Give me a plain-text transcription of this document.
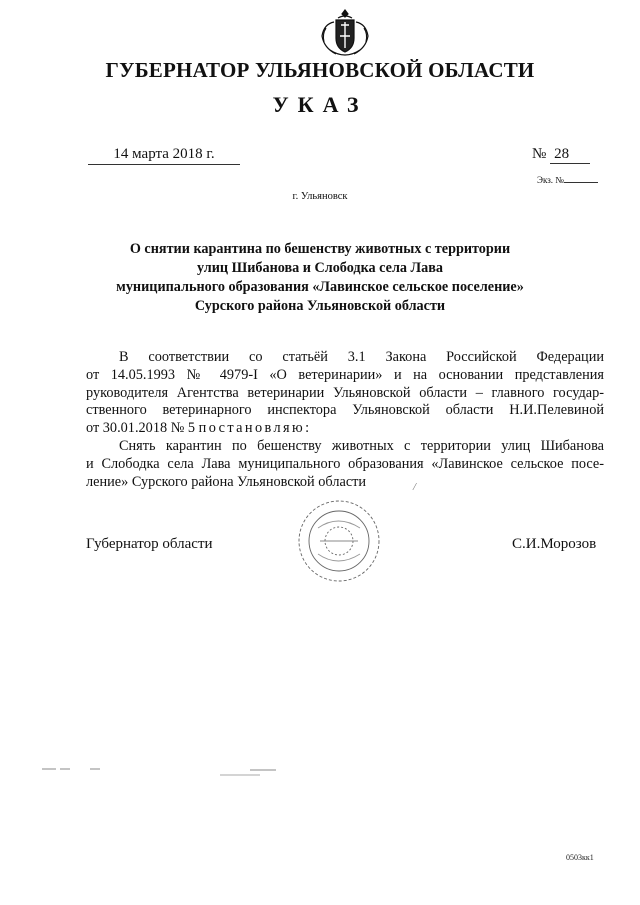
ГУБЕРНАТОР УЛЬЯНОВСКОЙ ОБЛАСТИ
УКАЗ
14 марта 2018 г.	№ 28
Экз. №
г. Ульяновск
О снятии карантина по бешенству животных с территории
улиц Шибанова и Слободка села Лава
муниципального образования «Лавинское сельское поселение»
Сурского района Ульяновской области
В соответствии со статьёй 3.1 Закона Российской Федерации
от 14.05.1993 № 4979-I «О ветеринарии» и на основании представления
руководителя Агентства ветеринарии Ульяновской области – главного государ-
ственного ветеринарного инспектора Ульяновской области Н.И.Пелевиной
от 30.01.2018 № 5 постановляю:
Снять карантин по бешенству животных с территории улиц Шибанова
и Слободка села Лава муниципального образования «Лавинское сельское посе-
ление» Сурского района Ульяновской области	/
Губернатор области	С.И.Морозов
0503кк1
